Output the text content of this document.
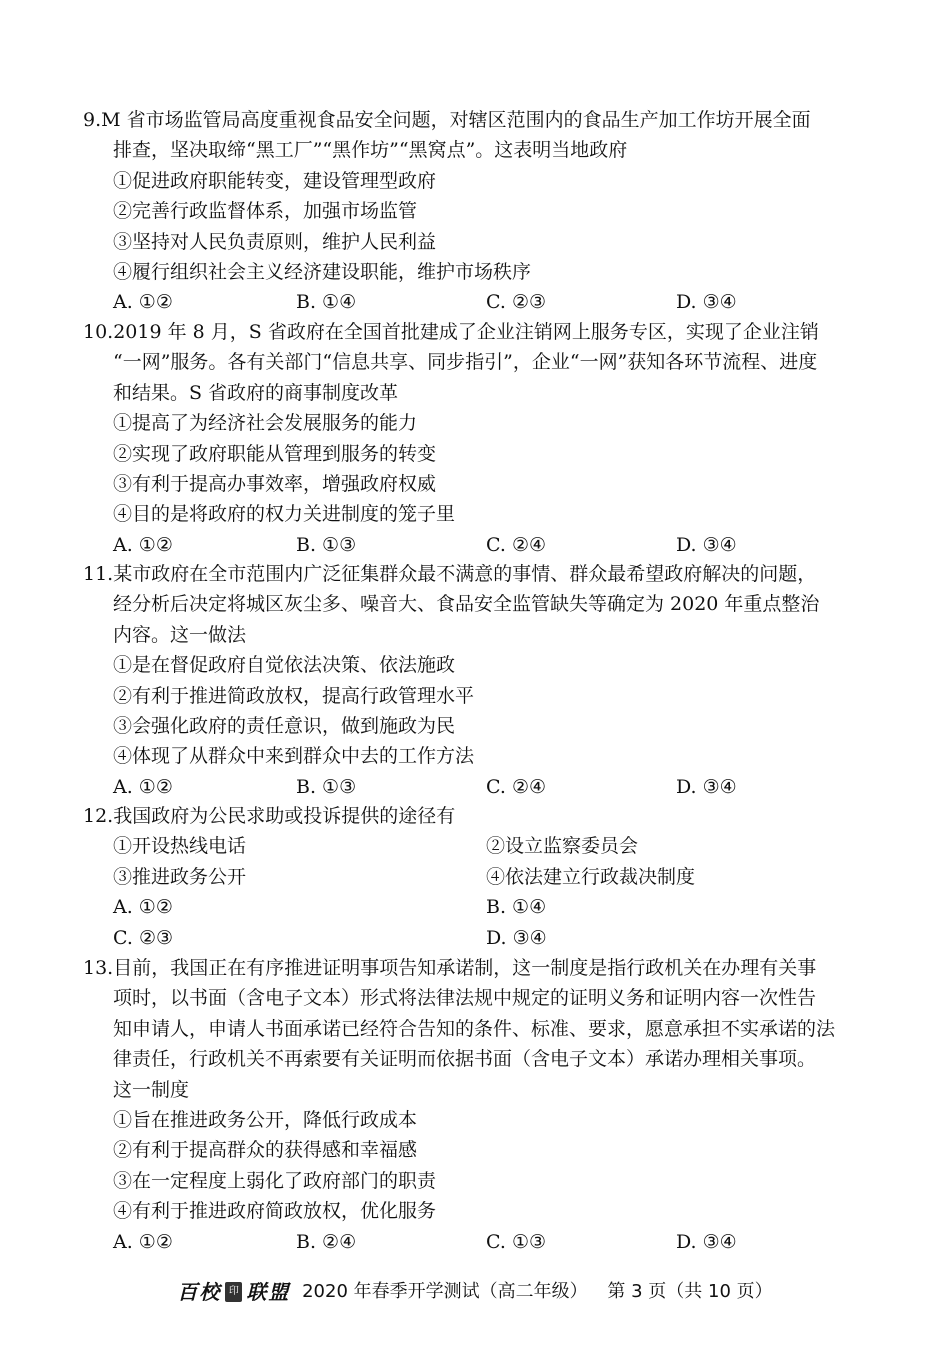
9.M 省市场监管局高度重视食品安全问题，对辖区范围内的食品生产加工作坊开展全面
排查，坚决取缔“黑工厂”“黑作坊”“黑窝点”。这表明当地政府
①促进政府职能转变，建设管理型政府
②完善行政监督体系，加强市场监管
③坚持对人民负责原则，维护人民利益
④履行组织社会主义经济建设职能，维护市场秩序
A. ①②	B. ①④	C. ②③	D. ③④
10.2019 年 8 月，S 省政府在全国首批建成了企业注销网上服务专区，实现了企业注销
“一网”服务。各有关部门“信息共享、同步指引”，企业“一网”获知各环节流程、进度
和结果。S 省政府的商事制度改革
①提高了为经济社会发展服务的能力
②实现了政府职能从管理到服务的转变
③有利于提高办事效率，增强政府权威
④目的是将政府的权力关进制度的笼子里
A. ①②	B. ①③	C. ②④	D. ③④
11.某市政府在全市范围内广泛征集群众最不满意的事情、群众最希望政府解决的问题，
经分析后决定将城区灰尘多、噪音大、食品安全监管缺失等确定为 2020 年重点整治
内容。这一做法
①是在督促政府自觉依法决策、依法施政
②有利于推进简政放权，提高行政管理水平
③会强化政府的责任意识，做到施政为民
④体现了从群众中来到群众中去的工作方法
A. ①②	B. ①③	C. ②④	D. ③④
12.我国政府为公民求助或投诉提供的途径有
①开设热线电话	②设立监察委员会
③推进政务公开	④依法建立行政裁决制度
A. ①②	B. ①④
C. ②③	D. ③④
13.目前，我国正在有序推进证明事项告知承诺制，这一制度是指行政机关在办理有关事
项时，以书面（含电子文本）形式将法律法规中规定的证明义务和证明内容一次性告
知申请人，申请人书面承诺已经符合告知的条件、标准、要求，愿意承担不实承诺的法
律责任，行政机关不再索要有关证明而依据书面（含电子文本）承诺办理相关事项。
这一制度
①旨在推进政务公开，降低行政成本
②有利于提高群众的获得感和幸福感
③在一定程度上弱化了政府部门的职责
④有利于推进政府简政放权，优化服务
A. ①②	B. ②④	C. ①③	D. ③④
百校 印 联盟 2020 年春季开学测试（高二年级） 第 3 页（共 10 页）
